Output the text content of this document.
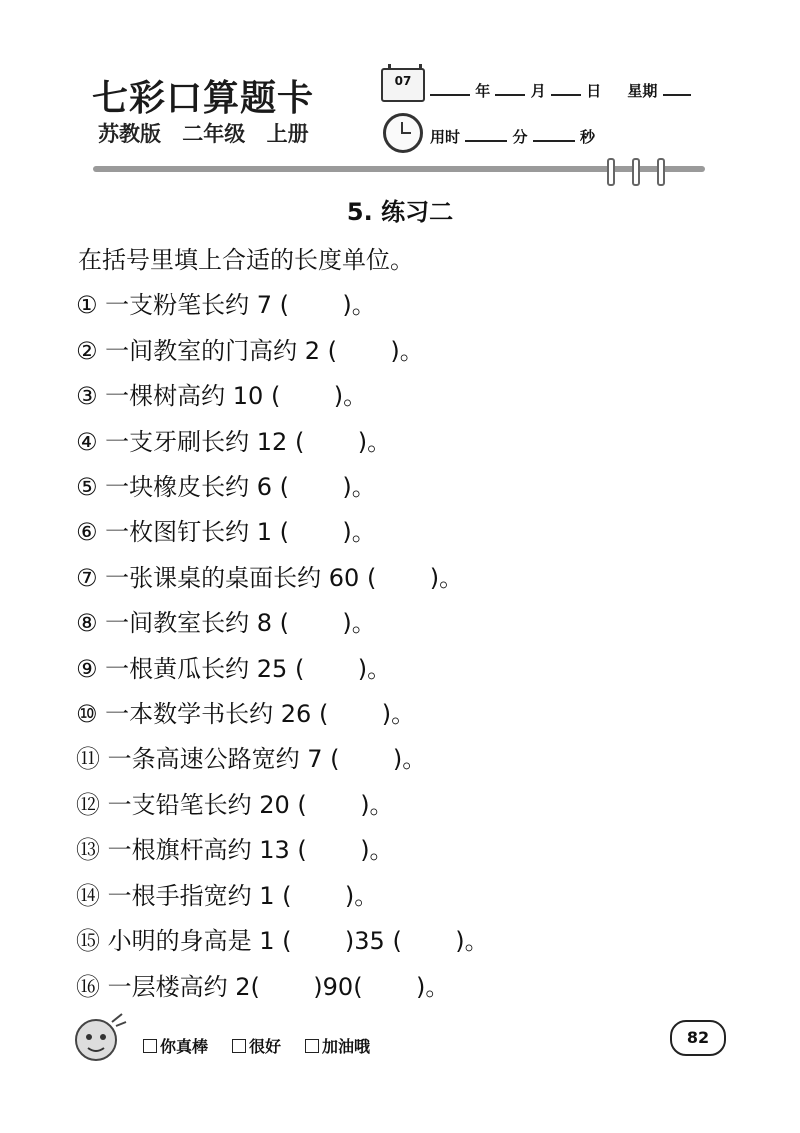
七彩口算题卡
苏教版 二年级 上册
07
年	月	日 星期
用时	分	秒
5. 练习二
在括号里填上合适的长度单位。
① 一支粉笔长约 7 (       )。
② 一间教室的门高约 2 (       )。
③ 一棵树高约 10 (       )。
④ 一支牙刷长约 12 (       )。
⑤ 一块橡皮长约 6 (       )。
⑥ 一枚图钉长约 1 (       )。
⑦ 一张课桌的桌面长约 60 (       )。
⑧ 一间教室长约 8 (       )。
⑨ 一根黄瓜长约 25 (       )。
⑩ 一本数学书长约 26 (       )。
⑪ 一条高速公路宽约 7 (       )。
⑫ 一支铅笔长约 20 (       )。
⑬ 一根旗杆高约 13 (       )。
⑭ 一根手指宽约 1 (       )。
⑮ 小明的身高是 1 (       )35 (       )。
⑯ 一层楼高约 2(       )90(       )。
你真棒	很好	加油哦	82
